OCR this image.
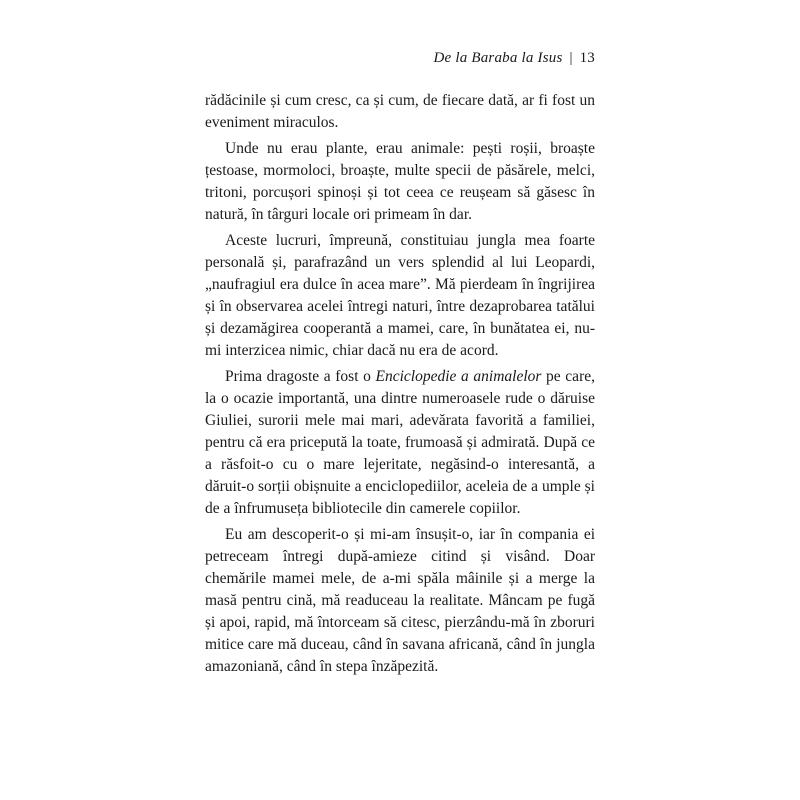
De la Baraba la Isus | 13

rădăcinile și cum cresc, ca și cum, de fiecare dată, ar fi fost un eveniment miraculos.

Unde nu erau plante, erau animale: pești roșii, broaște țestoase, mormoloci, broaște, multe specii de păsărele, melci, tritoni, porcușori spinoși și tot ceea ce reușeam să găsesc în natură, în târguri locale ori primeam în dar.

Aceste lucruri, împreună, constituiau jungla mea foarte personală și, parafrazând un vers splendid al lui Leopardi, „naufragiul era dulce în acea mare”. Mă pierdeam în îngrijirea și în observarea acelei întregi naturi, între dezaprobarea tatălui și dezamăgirea cooperantă a mamei, care, în bunătatea ei, nu-mi interzicea nimic, chiar dacă nu era de acord.

Prima dragoste a fost o Enciclopedie a animalelor pe care, la o ocazie importantă, una dintre numeroasele rude o dăruise Giuliei, surorii mele mai mari, adevărata favorită a familiei, pentru că era pricepută la toate, frumoasă și admirată. După ce a răsfoit-o cu o mare lejeritate, negăsind-o interesantă, a dăruit-o sorții obișnuite a enciclopediilor, aceleia de a umple și de a înfrumuseța bibliotecile din camerele copiilor.

Eu am descoperit-o și mi-am însușit-o, iar în compania ei petreceam întregi după-amieze citind și visând. Doar chemările mamei mele, de a-mi spăla mâinile și a merge la masă pentru cină, mă readuceau la realitate. Mâncam pe fugă și apoi, rapid, mă întorceam să citesc, pierzându-mă în zboruri mitice care mă duceau, când în savana africană, când în jungla amazoniană, când în stepa înzăpezită.
